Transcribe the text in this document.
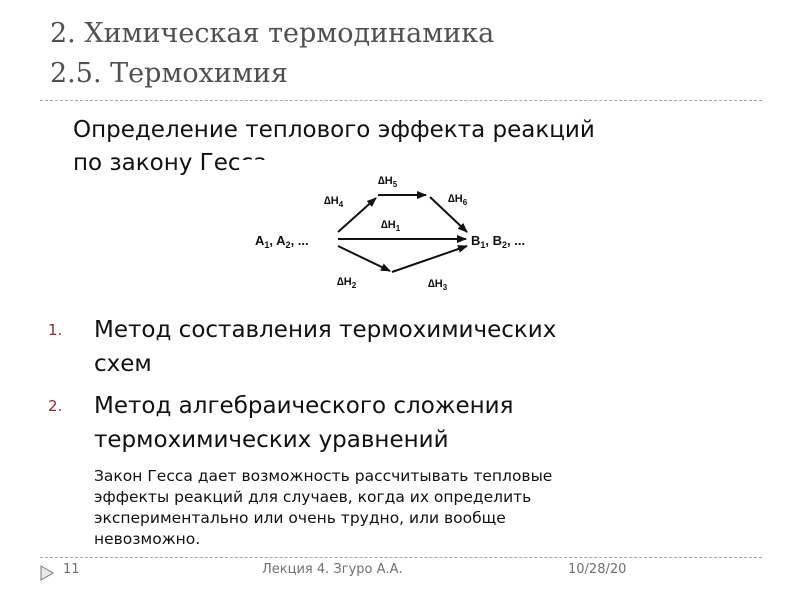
2. Химическая термодинамика
2.5. Термохимия
Определение теплового эффекта реакций
по закону Гесса
$A_1$, $A_2$, ...	$B_1$, $B_2$, ...
$\Delta H_4$
$\Delta H_5$
$\Delta H_6$
$\Delta H_1$
$\Delta H_2$	$\Delta H_3$
1. Метод составления термохимических
схем
2. Метод алгебраического сложения
термохимических уравнений
Закон Гесса дает возможность рассчитывать тепловые
эффекты реакций для случаев, когда их определить
экспериментально или очень трудно, или вообще
невозможно.
11	Лекция 4. Згуро А.А.	10/28/20
